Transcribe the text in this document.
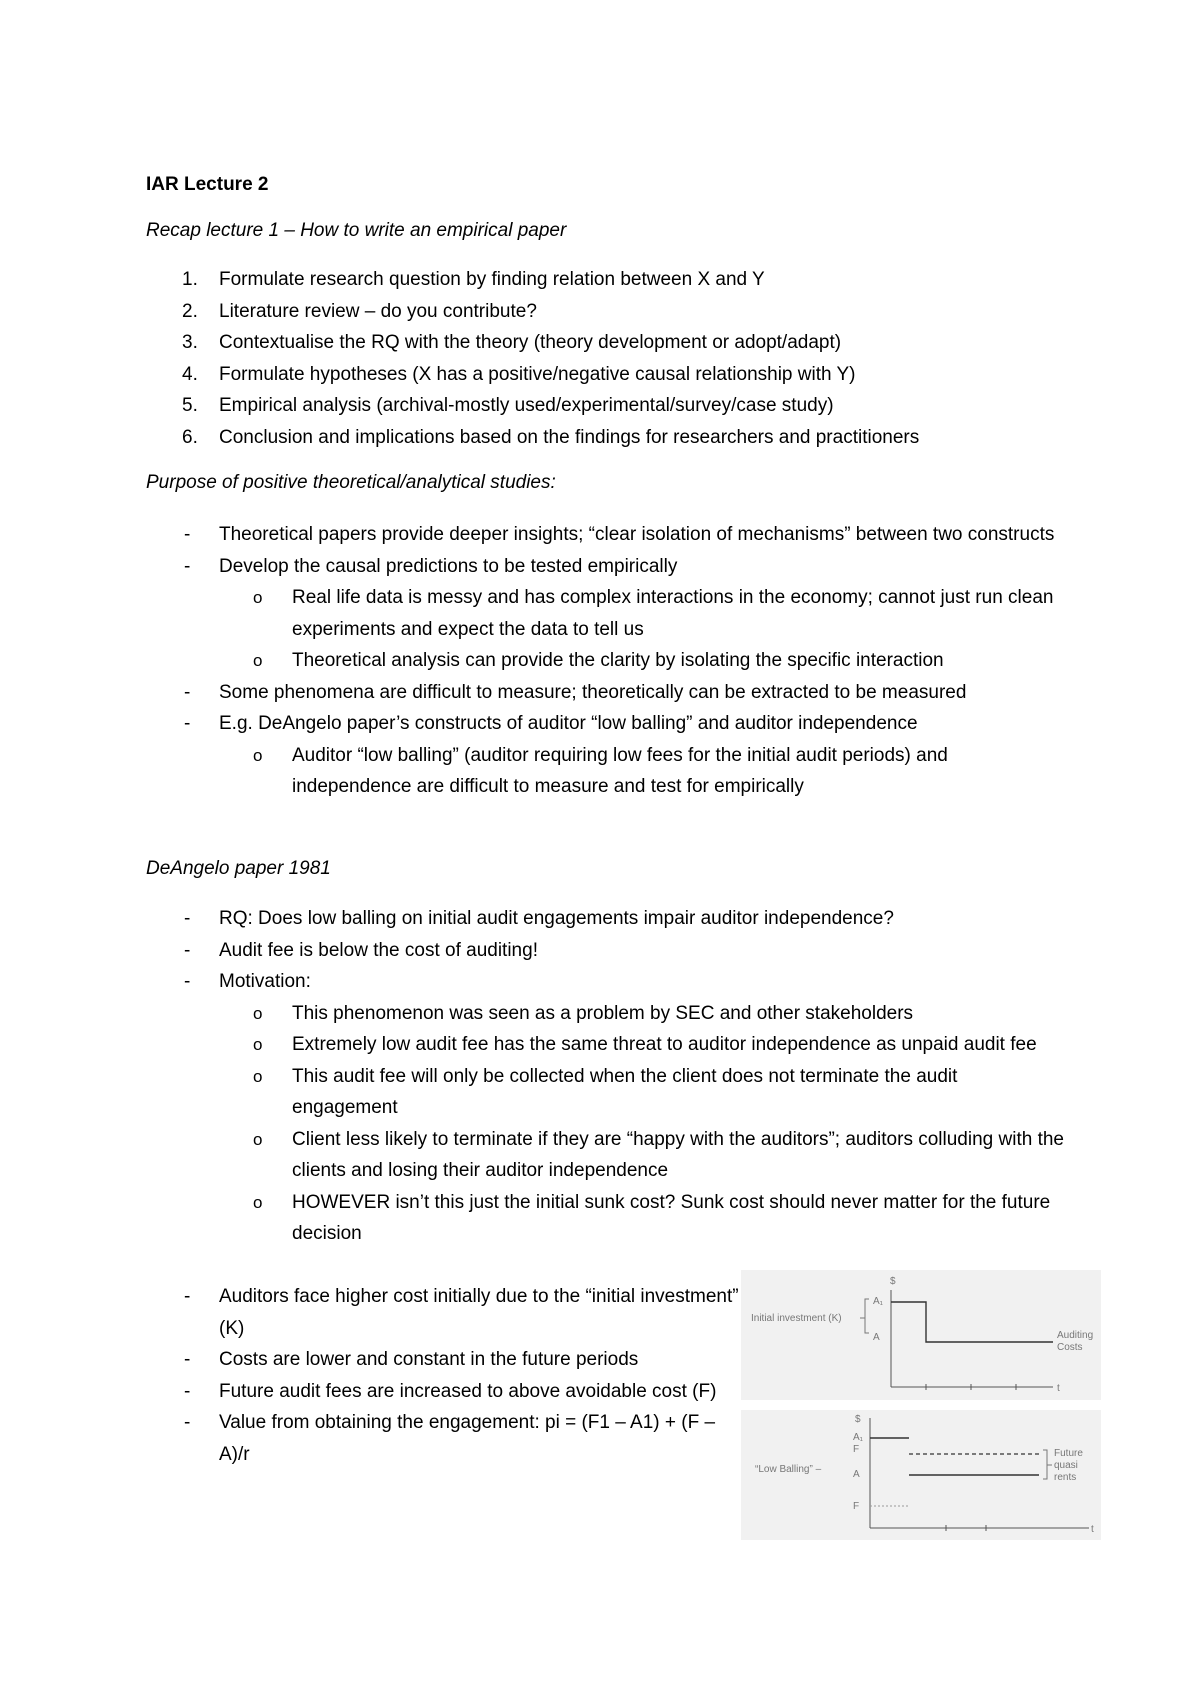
IAR Lecture 2
Recap lecture 1 – How to write an empirical paper
1. Formulate research question by finding relation between X and Y
2. Literature review – do you contribute?
3. Contextualise the RQ with the theory (theory development or adopt/adapt)
4. Formulate hypotheses (X has a positive/negative causal relationship with Y)
5. Empirical analysis (archival-mostly used/experimental/survey/case study)
6. Conclusion and implications based on the findings for researchers and practitioners
Purpose of positive theoretical/analytical studies:
- Theoretical papers provide deeper insights; “clear isolation of mechanisms” between two constructs
- Develop the causal predictions to be tested empirically
o Real life data is messy and has complex interactions in the economy; cannot just run clean experiments and expect the data to tell us
o Theoretical analysis can provide the clarity by isolating the specific interaction
- Some phenomena are difficult to measure; theoretically can be extracted to be measured
- E.g. DeAngelo paper’s constructs of auditor “low balling” and auditor independence
o Auditor “low balling” (auditor requiring low fees for the initial audit periods) and independence are difficult to measure and test for empirically
DeAngelo paper 1981
- RQ: Does low balling on initial audit engagements impair auditor independence?
- Audit fee is below the cost of auditing!
- Motivation:
o This phenomenon was seen as a problem by SEC and other stakeholders
o Extremely low audit fee has the same threat to auditor independence as unpaid audit fee
o This audit fee will only be collected when the client does not terminate the audit engagement
o Client less likely to terminate if they are “happy with the auditors”; auditors colluding with the clients and losing their auditor independence
o HOWEVER isn’t this just the initial sunk cost? Sunk cost should never matter for the future decision
- Auditors face higher cost initially due to the “initial investment” (K)
- Costs are lower and constant in the future periods
- Future audit fees are increased to above avoidable cost (F)
- Value from obtaining the engagement: pi = (F1 – A1) + (F – A)/r
$
t
A₁
A
Initial investment (K)
Auditing
Costs
$
t
A₁
F
A
F
“Low Balling” –
Future
quasi
rents
